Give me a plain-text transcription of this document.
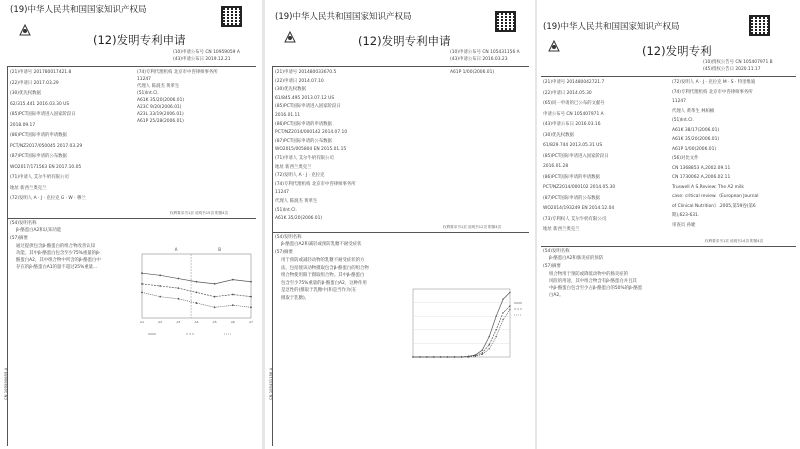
(19)中华人民共和国国家知识产权局
(12)发明专利申请
(10)申请公布号 CN 10959059 A
(43)申请公布日 2019.12.21
(21)申请号 201780017421.8
(22)申请日 2017.03.29
(30)优先权数据
62/315.441 2016.03.30 US
(85)PCT国际申请进入国家阶段日
2018.09.17
(86)PCT国际申请的申请数据
PCT/NZ2017/050045 2017.03.29
(87)PCT国际申请的公布数据
WO2017/171563 EN 2017.10.05
(71)申请人 艾尔牛奶有限公司
地址 新西兰奥克兰
(72)发明人 A · J · 克拉克 G · W · 穆兰
(74)专利代理机构 北京市中咨律师事务所
11247
代理人 陈润杰 黄革生
(51)Int.Cl.
A61K 35/20(2006.01)
A23C 9/20(2006.01)
A23L 33/19(2006.01)
A61P 25/28(2006.01)
权利要求书1页 说明书15页 附图4页
(54)发明名称
β-酪蛋白A2和认知功能
(57)摘要
通过提供包含β-酪蛋白的组合物改善认知
功能，其中β-酪蛋白包含至少75%重量的β-
酪蛋白A2，其中组合物中所含的β-酪蛋白中
存在的β-酪蛋白A1的量不超过25%重量...
A	B
A1	A2	A3	A4	A5	A6	A7
CN 109590659 A
(19)中华人民共和国国家知识产权局
(12)发明专利申请
(10)申请公布号 CN 105431156 A
(43)申请公布日 2016.03.23
(21)申请号 201480033670.5
(22)申请日 2014.07.10
(30)优先权数据
61/845.495 2013.07.12 US
(85)PCT国际申请进入国家阶段日
2016.01.11
(86)PCT国际申请的申请数据
PCT/NZ2014/000142 2014.07.10
(87)PCT国际申请的公布数据
WO2015/005804 EN 2015.01.15
(71)申请人 艾尔牛奶有限公司
地址 新西兰奥克兰
(72)发明人 A · J · 克拉克
(74)专利代理机构 北京市中咨律师事务所
11247
代理人 陈润杰 黄革生
(51)Int.Cl.
A61K 35/20(2006.01)
A61P 1/00(2006.01)
权利要求书1页 说明书12页 附图4页
(54)发明名称
β-酪蛋白A2和减轻或预防乳糖不耐受症状
(57)摘要
用于预防或减轻动物的乳糖不耐受症状的方
法，包括使该动物摄取包含β-酪蛋白的组合物
组合物使用限于摄取组合物。其中β-酪蛋白
包含至少75%重量的β-酪蛋白A2，这种作用
是急性的(摄取于乳糖中)和是当作为(在
摄取于乳糖)。
CN 105431156 A
(19)中华人民共和国国家知识产权局
(12)发明专利
(10)授权公告号 CN 105407971 B
(45)授权公告日 2020.11.17
(21)申请号 201480042721.7
(22)申请日 2014.05.30
(65)同一申请的已公布的文献号
申请公布号 CN 105407971 A
(43)申请公布日 2016.03.16
(30)优先权数据
61/829.744 2013.05.31 US
(85)PCT国际申请进入国家阶段日
2016.01.28
(86)PCT国际申请的申请数据
PCT/NZ2014/000102 2014.05.30
(87)PCT国际申请的公布数据
WO2014/193249 EN 2014.12.04
(73)专利权人 艾尔牛奶有限公司
地址 新西兰奥克兰
(72)发明人 A · J · 克拉克 M · S · 特里维迪
(74)专利代理机构 北京市中咨律师事务所
11247
代理人 黄革生 林柏楠
(51)Int.Cl.
A61K 38/17(2006.01)
A61K 35/20(2006.01)
A61P 1/00(2006.01)
(56)对比文件
CN 1368853 A,2002.09.11
CN 1730062 A,2006.02.11
Truswell A S.Review: The A2 milk
case: critical review.《European Journal
of Clinical Nutrition》.2005,第59卷(第6
期),623-631.
审查员 孙婕
权利要求书1页 说明书14页 附图4页
(54)发明名称
β-酪蛋白A2和肠炎症的预防
(57)摘要
组合物用于预防或降低动物中的肠炎症的
风险的用途，其中组合物含有β-酪蛋白并且其
中β-酪蛋白包含至少占β-酪蛋白的50%的β-酪蛋
白A2。
